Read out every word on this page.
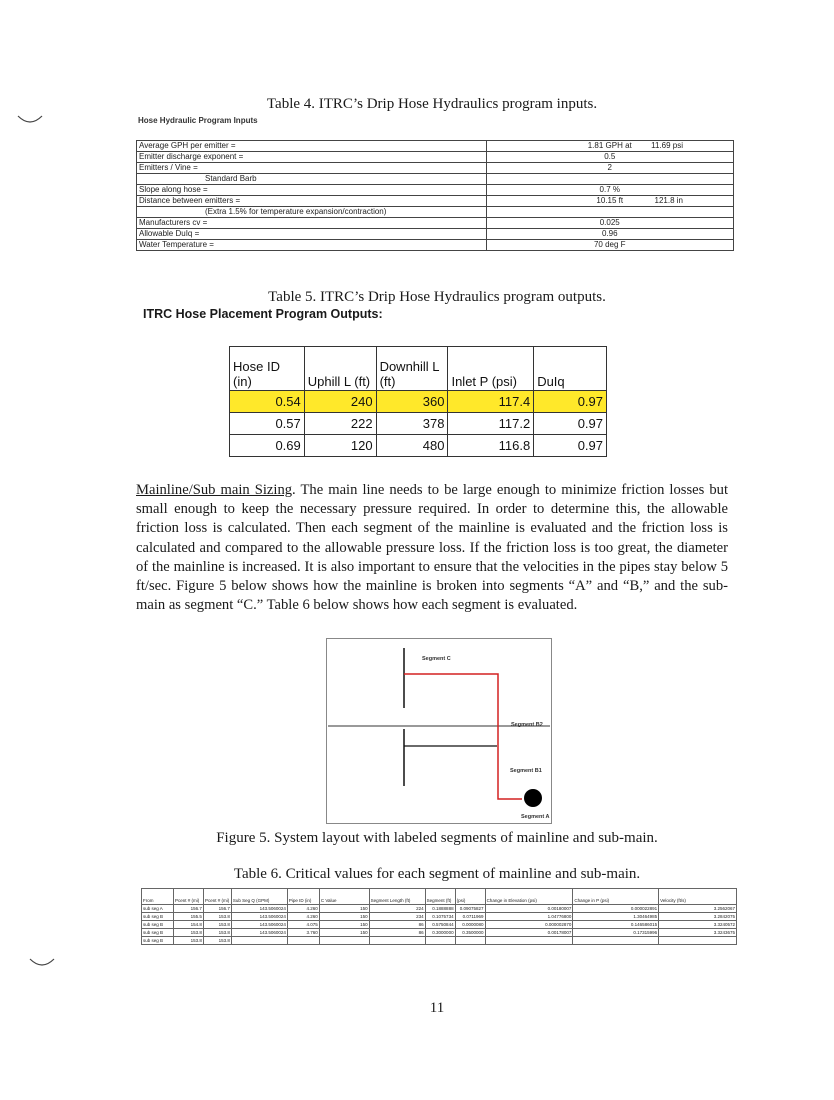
Table 4. ITRC’s Drip Hose Hydraulics program inputs.
Hose Hydraulic Program Inputs
Average GPH per emitter =	1.81 GPH at 11.69 psi

Emitter discharge exponent =	0.5

Emitters / Vine =	2

Standard Barb	

Slope along hose =	0.7 %

Distance between emitters =	10.15 ft 121.8 in

(Extra 1.5% for temperature expansion/contraction)	

Manufacturers cv =	0.025

Allowable DuIq =	0.96

Water Temperature =	70 deg F
Table 5. ITRC’s Drip Hose Hydraulics program outputs.
ITRC Hose Placement Program Outputs:
Hose ID (in)	Uphill L (ft)	Downhill L (ft)	Inlet P (psi)	DuIq
0.54	240	360	117.4	0.97
0.57	222	378	117.2	0.97
0.69	120	480	116.8	0.97
Mainline/Sub main Sizing. The main line needs to be large enough to minimize friction losses but small enough to keep the necessary pressure required. In order to determine this, the allowable friction loss is calculated. Then each segment of the mainline is evaluated and the friction loss is calculated and compared to the allowable pressure loss. If the friction loss is too great, the diameter of the mainline is increased. It is also important to ensure that the velocities in the pipes stay below 5 ft/sec. Figure 5 below shows how the mainline is broken into segments “A” and “B,” and the sub-main as segment “C.” Table 6 below shows how each segment is evaluated.
Segment C
Segment B2
Segment B1
Segment A
Figure 5. System layout with labeled segments of mainline and sub-main.
Table 6. Critical values for each segment of mainline and sub-main.
From	Pcent # (mi)	Pcent # (mi)	Sub Seg Q (GPM)	Pipe ID (in)	C Value	Segment Length (ft)	Segment (ft)	(psi)	Change in Elevation (psi)	Change in P (psi)	Velocity (ft/s)
sub seg A	156.7	156.7	143.5060024	4.260	150	224	0.1888888	0.09075827	0.00180007	0.000022891	3.2562067
sub seg B	155.5	153.8	143.5060024	4.260	150	234	0.1075734	0.0711969	1.04776800	1.30464985	3.2842075
sub seg B	154.8	153.8	143.5060024	4.075	150	86	0.5750844	0.0000080	0.000002870	0.146586015	3.3240572
sub seg B	153.8	153.8	143.5060024	3.760	150	86	0.3000000	0.3500000	0.00178007	0.17315996	3.3243675
sub seg B	153.8	153.8									
11
